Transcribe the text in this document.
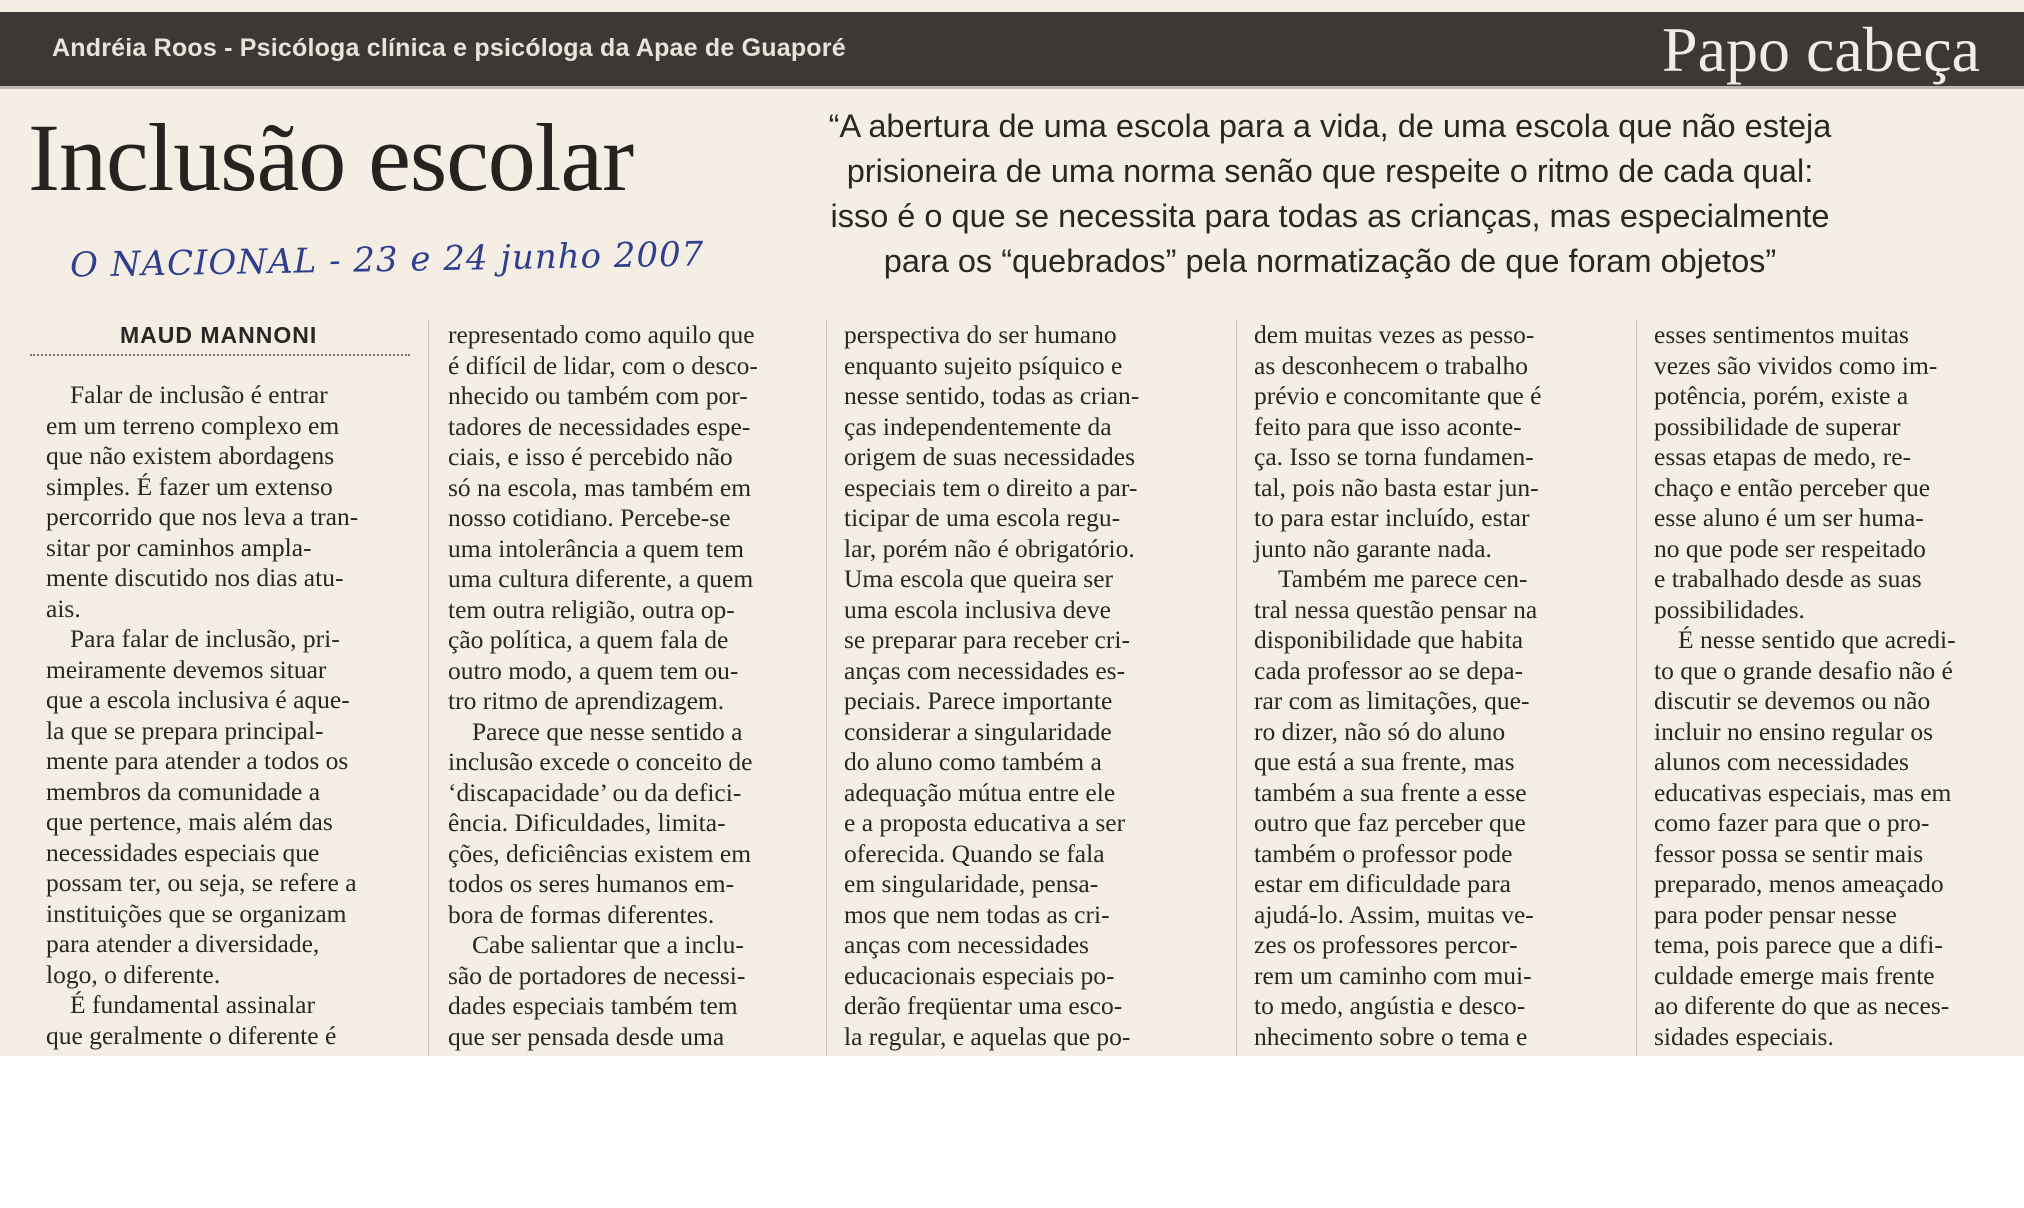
Andréia Roos - Psicóloga clínica e psicóloga da Apae de Guaporé	Papo cabeça
Inclusão escolar
O NACIONAL - 23 e 24 junho 2007
“A abertura de uma escola para a vida, de uma escola que não esteja
prisioneira de uma norma senão que respeite o ritmo de cada qual:
isso é o que se necessita para todas as crianças, mas especialmente
para os “quebrados” pela normatização de que foram objetos”
MAUD MANNONI
Falar de inclusão é entrar
em um terreno complexo em
que não existem abordagens
simples. É fazer um extenso
percorrido que nos leva a tran-
sitar por caminhos ampla-
mente discutido nos dias atu-
ais.
Para falar de inclusão, pri-
meiramente devemos situar
que a escola inclusiva é aque-
la que se prepara principal-
mente para atender a todos os
membros da comunidade a
que pertence, mais além das
necessidades especiais que
possam ter, ou seja, se refere a
instituições que se organizam
para atender a diversidade,
logo, o diferente.
É fundamental assinalar
que geralmente o diferente é
representado como aquilo que
é difícil de lidar, com o desco-
nhecido ou também com por-
tadores de necessidades espe-
ciais, e isso é percebido não
só na escola, mas também em
nosso cotidiano. Percebe-se
uma intolerância a quem tem
uma cultura diferente, a quem
tem outra religião, outra op-
ção política, a quem fala de
outro modo, a quem tem ou-
tro ritmo de aprendizagem.
Parece que nesse sentido a
inclusão excede o conceito de
‘discapacidade’ ou da defici-
ência. Dificuldades, limita-
ções, deficiências existem em
todos os seres humanos em-
bora de formas diferentes.
Cabe salientar que a inclu-
são de portadores de necessi-
dades especiais também tem
que ser pensada desde uma
perspectiva do ser humano
enquanto sujeito psíquico e
nesse sentido, todas as crian-
ças independentemente da
origem de suas necessidades
especiais tem o direito a par-
ticipar de uma escola regu-
lar, porém não é obrigatório.
Uma escola que queira ser
uma escola inclusiva deve
se preparar para receber cri-
anças com necessidades es-
peciais. Parece importante
considerar a singularidade
do aluno como também a
adequação mútua entre ele
e a proposta educativa a ser
oferecida. Quando se fala
em singularidade, pensa-
mos que nem todas as cri-
anças com necessidades
educacionais especiais po-
derão freqüentar uma esco-
la regular, e aquelas que po-
dem muitas vezes as pesso-
as desconhecem o trabalho
prévio e concomitante que é
feito para que isso aconte-
ça. Isso se torna fundamen-
tal, pois não basta estar jun-
to para estar incluído, estar
junto não garante nada.
Também me parece cen-
tral nessa questão pensar na
disponibilidade que habita
cada professor ao se depa-
rar com as limitações, que-
ro dizer, não só do aluno
que está a sua frente, mas
também a sua frente a esse
outro que faz perceber que
também o professor pode
estar em dificuldade para
ajudá-lo. Assim, muitas ve-
zes os professores percor-
rem um caminho com mui-
to medo, angústia e desco-
nhecimento sobre o tema e
esses sentimentos muitas
vezes são vividos como im-
potência, porém, existe a
possibilidade de superar
essas etapas de medo, re-
chaço e então perceber que
esse aluno é um ser huma-
no que pode ser respeitado
e trabalhado desde as suas
possibilidades.
É nesse sentido que acredi-
to que o grande desafio não é
discutir se devemos ou não
incluir no ensino regular os
alunos com necessidades
educativas especiais, mas em
como fazer para que o pro-
fessor possa se sentir mais
preparado, menos ameaçado
para poder pensar nesse
tema, pois parece que a difi-
culdade emerge mais frente
ao diferente do que as neces-
sidades especiais.
